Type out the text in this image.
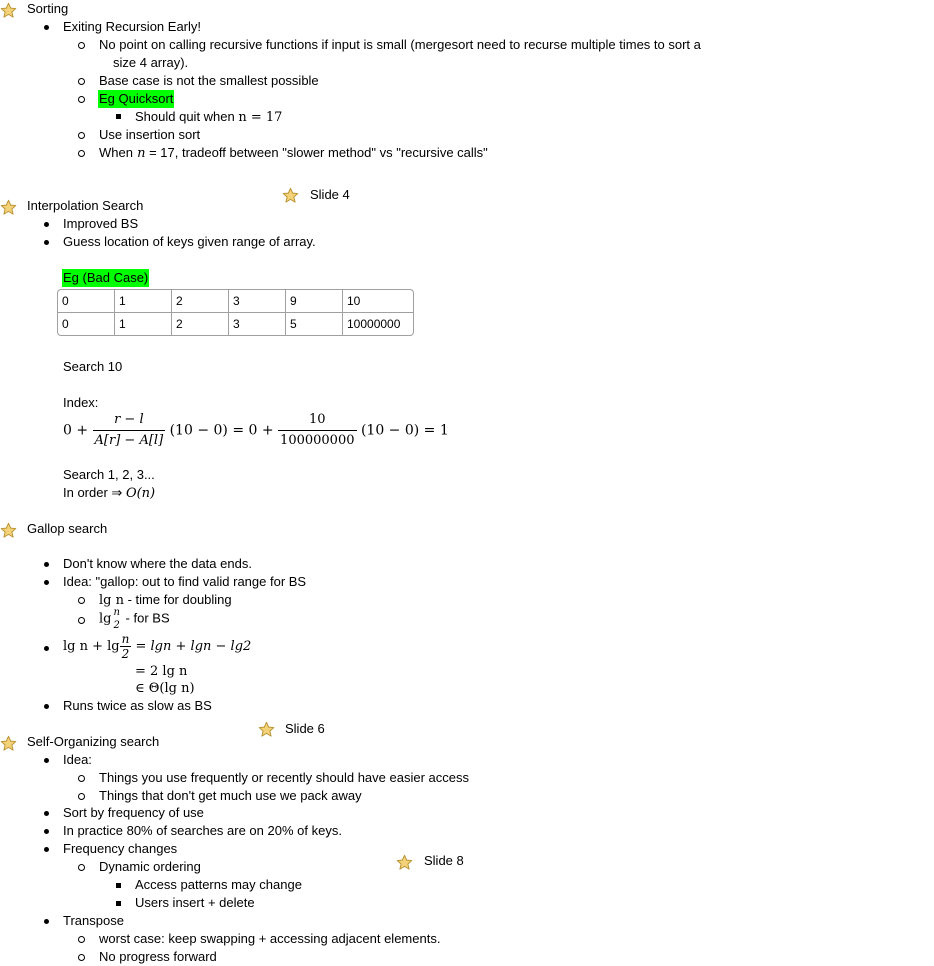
Sorting
Exiting Recursion Early!
No point on calling recursive functions if input is small (mergesort need to recurse multiple times to sort a
size 4 array).
Base case is not the smallest possible
Eg Quicksort
Should quit when n = 17
Use insertion sort
When n = 17, tradeoff between "slower method" vs "recursive calls"
Slide 4
Interpolation Search
Improved BS
Guess location of keys given range of array.
Eg (Bad Case)
0	1	2	3	9	10
0	1	2	3	5	10000000
Search 10
Index:
$0 + \frac{r - l}{A[r] - A[l]} (10 - 0) = 0 + \frac{10}{100000000} (10 - 0) = 1$
Search 1, 2, 3...
In order ⇒ O(n)
Gallop search
Don't know where the data ends.
Idea: "gallop: out to find valid range for BS
lg n - time for doubling
lg n
2
- for BS
$\lg n + \lg \frac{n}{2} = \lg n + \lg n - \lg 2$
= 2 lg n
∈ Θ(lg n)
Runs twice as slow as BS
Slide 6
Self-Organizing search
Idea:
Things you use frequently or recently should have easier access
Things that don't get much use we pack away
Sort by frequency of use
In practice 80% of searches are on 20% of keys.
Frequency changes
Dynamic ordering
Access patterns may change
Users insert + delete
Transpose
worst case: keep swapping + accessing adjacent elements.
No progress forward
Slide 8
